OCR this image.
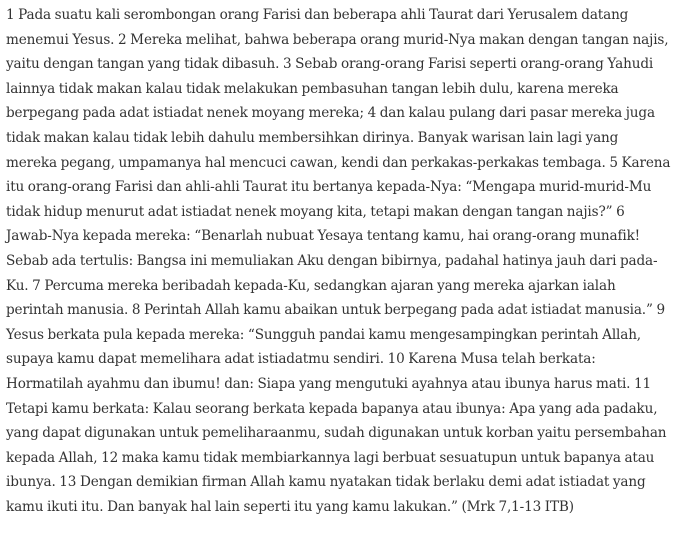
1 Pada suatu kali serombongan orang Farisi dan beberapa ahli Taurat dari Yerusalem datang menemui Yesus. 2 Mereka melihat, bahwa beberapa orang murid-Nya makan dengan tangan najis, yaitu dengan tangan yang tidak dibasuh. 3 Sebab orang-orang Farisi seperti orang-orang Yahudi lainnya tidak makan kalau tidak melakukan pembasuhan tangan lebih dulu, karena mereka berpegang pada adat istiadat nenek moyang mereka; 4 dan kalau pulang dari pasar mereka juga tidak makan kalau tidak lebih dahulu membersihkan dirinya. Banyak warisan lain lagi yang mereka pegang, umpamanya hal mencuci cawan, kendi dan perkakas-perkakas tembaga. 5 Karena itu orang-orang Farisi dan ahli-ahli Taurat itu bertanya kepada-Nya: “Mengapa murid-murid-Mu tidak hidup menurut adat istiadat nenek moyang kita, tetapi makan dengan tangan najis?” 6 Jawab-Nya kepada mereka: “Benarlah nubuat Yesaya tentang kamu, hai orang-orang munafik! Sebab ada tertulis: Bangsa ini memuliakan Aku dengan bibirnya, padahal hatinya jauh dari pada-Ku. 7 Percuma mereka beribadah kepada-Ku, sedangkan ajaran yang mereka ajarkan ialah perintah manusia. 8 Perintah Allah kamu abaikan untuk berpegang pada adat istiadat manusia.” 9 Yesus berkata pula kepada mereka: “Sungguh pandai kamu mengesampingkan perintah Allah, supaya kamu dapat memelihara adat istiadatmu sendiri. 10 Karena Musa telah berkata: Hormatilah ayahmu dan ibumu! dan: Siapa yang mengutuki ayahnya atau ibunya harus mati. 11 Tetapi kamu berkata: Kalau seorang berkata kepada bapanya atau ibunya: Apa yang ada padaku, yang dapat digunakan untuk pemeliharaanmu, sudah digunakan untuk korban yaitu persembahan kepada Allah, 12 maka kamu tidak membiarkannya lagi berbuat sesuatupun untuk bapanya atau ibunya. 13 Dengan demikian firman Allah kamu nyatakan tidak berlaku demi adat istiadat yang kamu ikuti itu. Dan banyak hal lain seperti itu yang kamu lakukan.” (Mrk 7,1-13 ITB)
